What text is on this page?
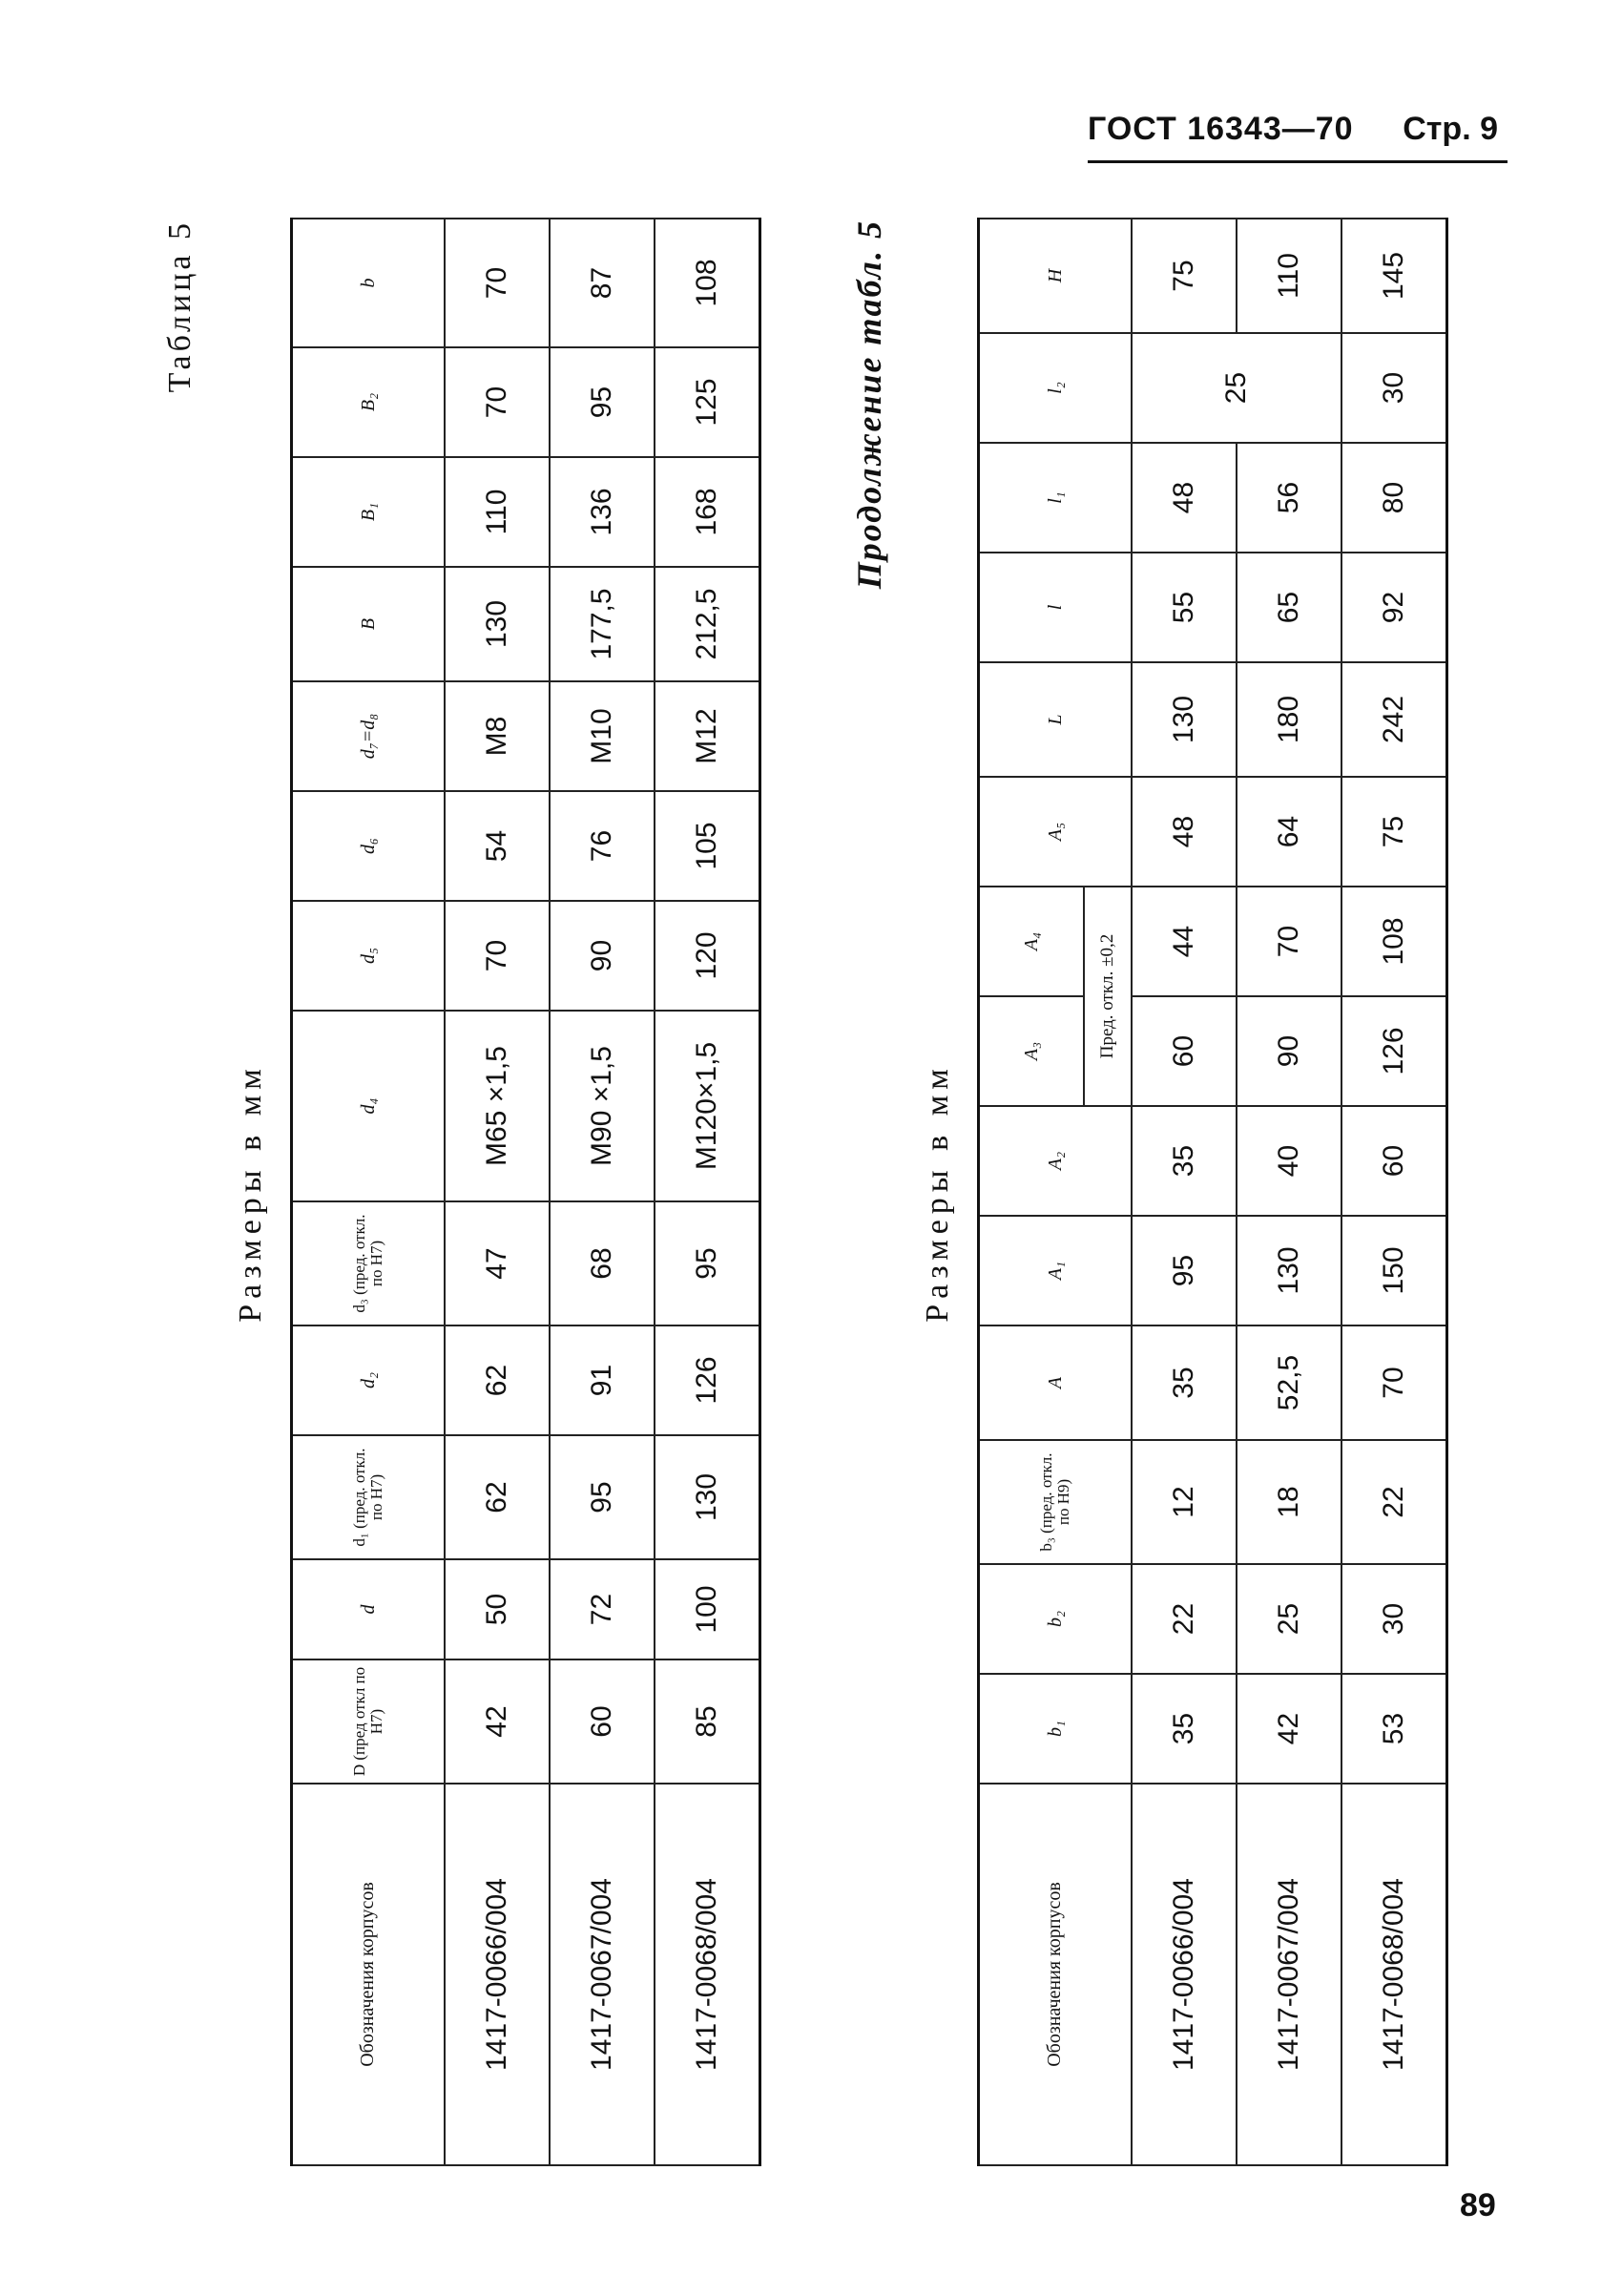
ГОСТ 16343—70 Стр. 9
Таблица 5
Размеры в мм
Обозначения корпусов	D (пред откл по H7)	d	d₁ (пред. откл. по H7)	d₂	d₃ (пред. откл. по H7)	d₄	d₅	d₆	d₇=d₈	B	B₁	B₂	b
1417-0066/004	42	50	62	62	47	M65 ×1,5	70	54	M8	130	110	70	70
1417-0067/004	60	72	95	91	68	M90 ×1,5	90	76	M10	177,5	136	95	87
1417-0068/004	85	100	130	126	95	M120×1,5	120	105	M12	212,5	168	125	108	Продолжение табл. 5
Размеры в мм
Обозначения корпусов	b₁	b₂	b₃ (пред. откл. по H9)	A	A₁	A₂	A₃	A₄	A₅	L	l	l₁	l₂	H
							Пред. откл. ±0,2							
1417-0066/004	35	22	12	35	95	35	60	44	48	130	55	48	25	75
1417-0067/004	42	25	18	52,5	130	40	90	70	64	180	65	56		110
1417-0068/004	53	30	22	70	150	60	126	108	75	242	92	80	30	145
89
